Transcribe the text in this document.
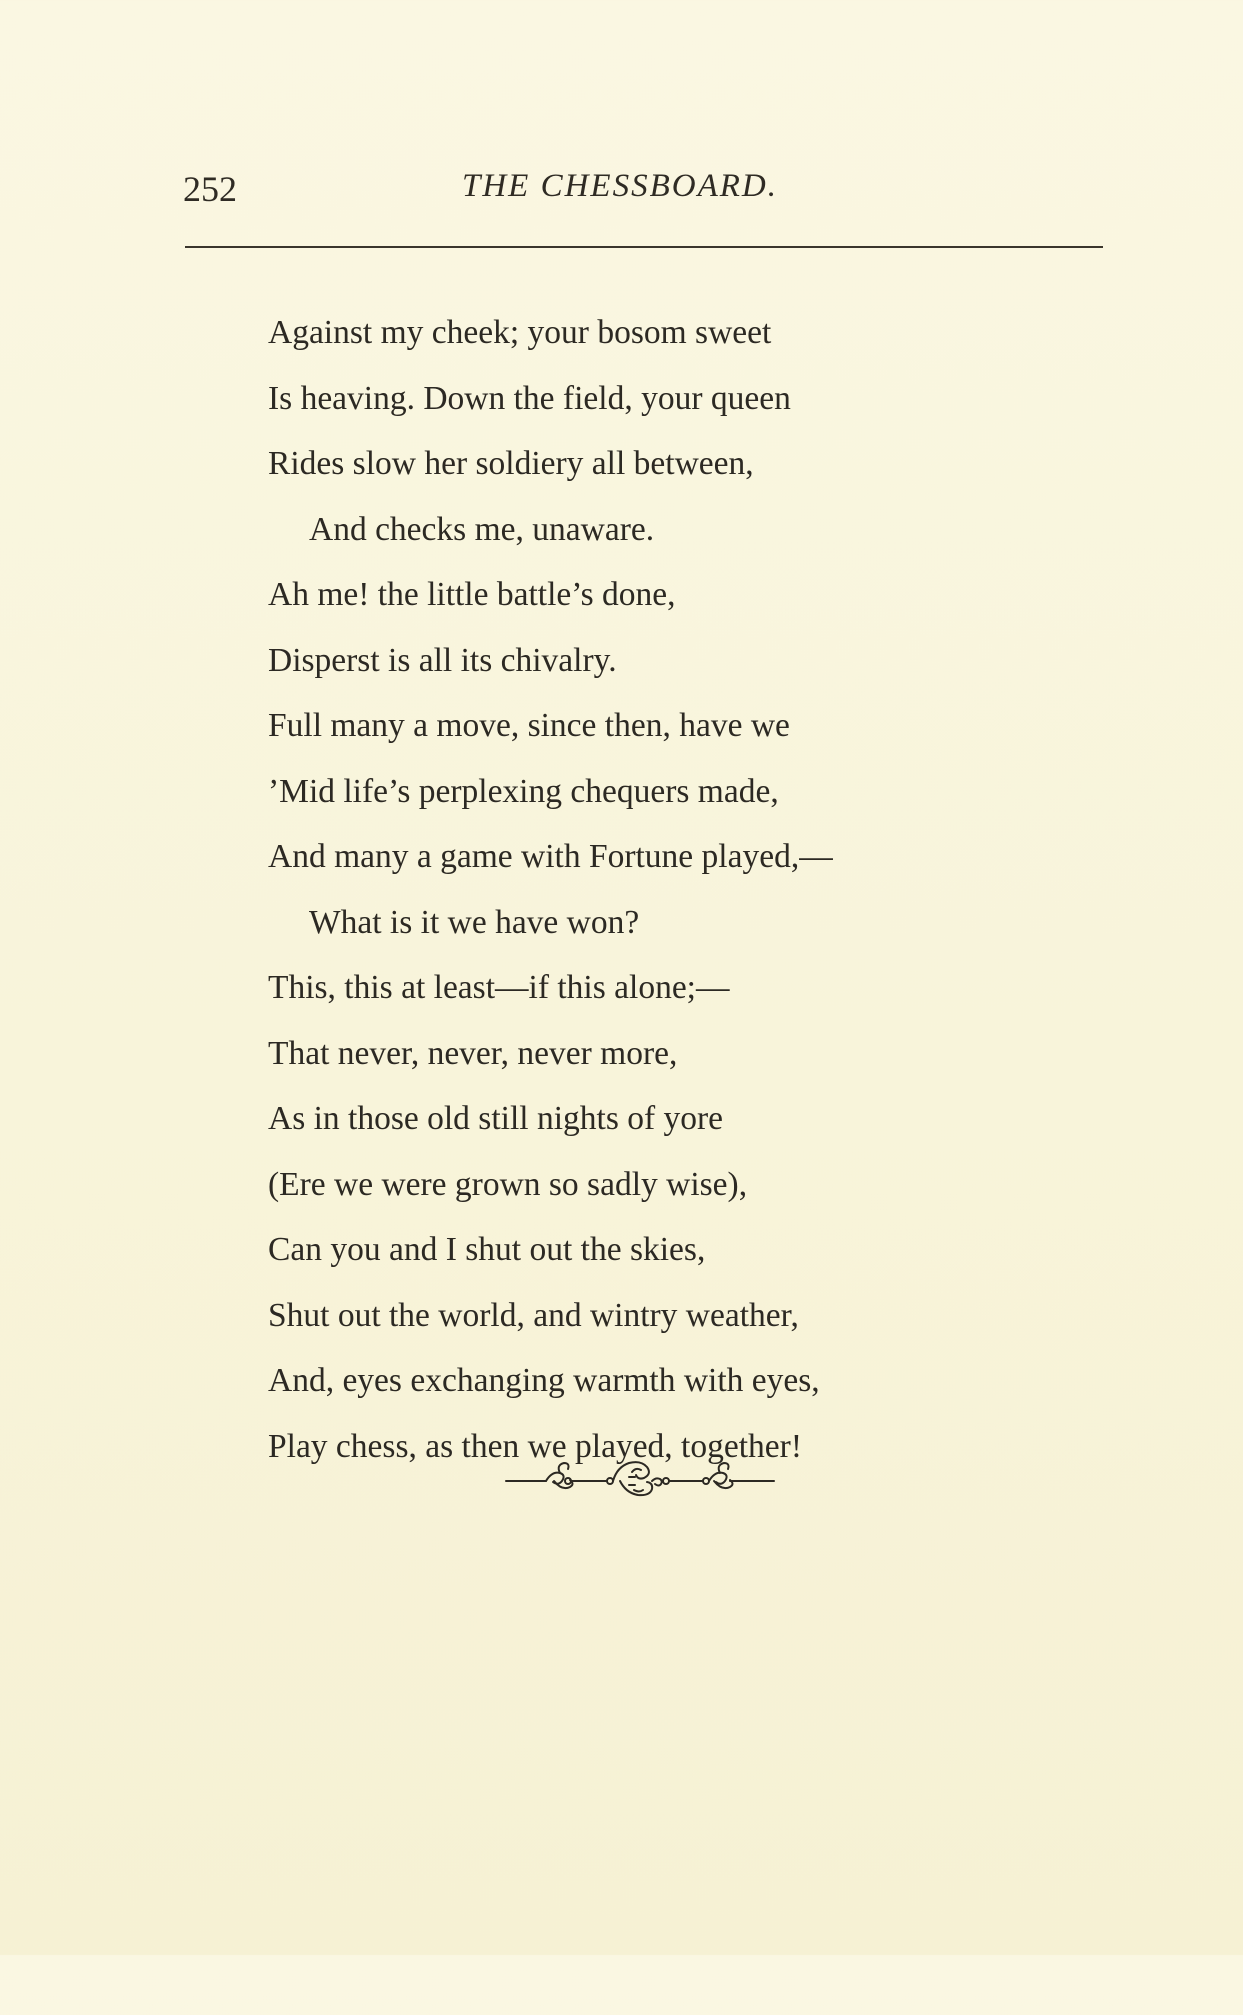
252	THE CHESSBOARD.
Against my cheek; your bosom sweet
Is heaving. Down the field, your queen
Rides slow her soldiery all between,
And checks me, unaware.
Ah me! the little battle’s done,
Disperst is all its chivalry.
Full many a move, since then, have we
’Mid life’s perplexing chequers made,
And many a game with Fortune played,—
What is it we have won?
This, this at least—if this alone;—
That never, never, never more,
As in those old still nights of yore
(Ere we were grown so sadly wise),
Can you and I shut out the skies,
Shut out the world, and wintry weather,
And, eyes exchanging warmth with eyes,
Play chess, as then we played, together!
